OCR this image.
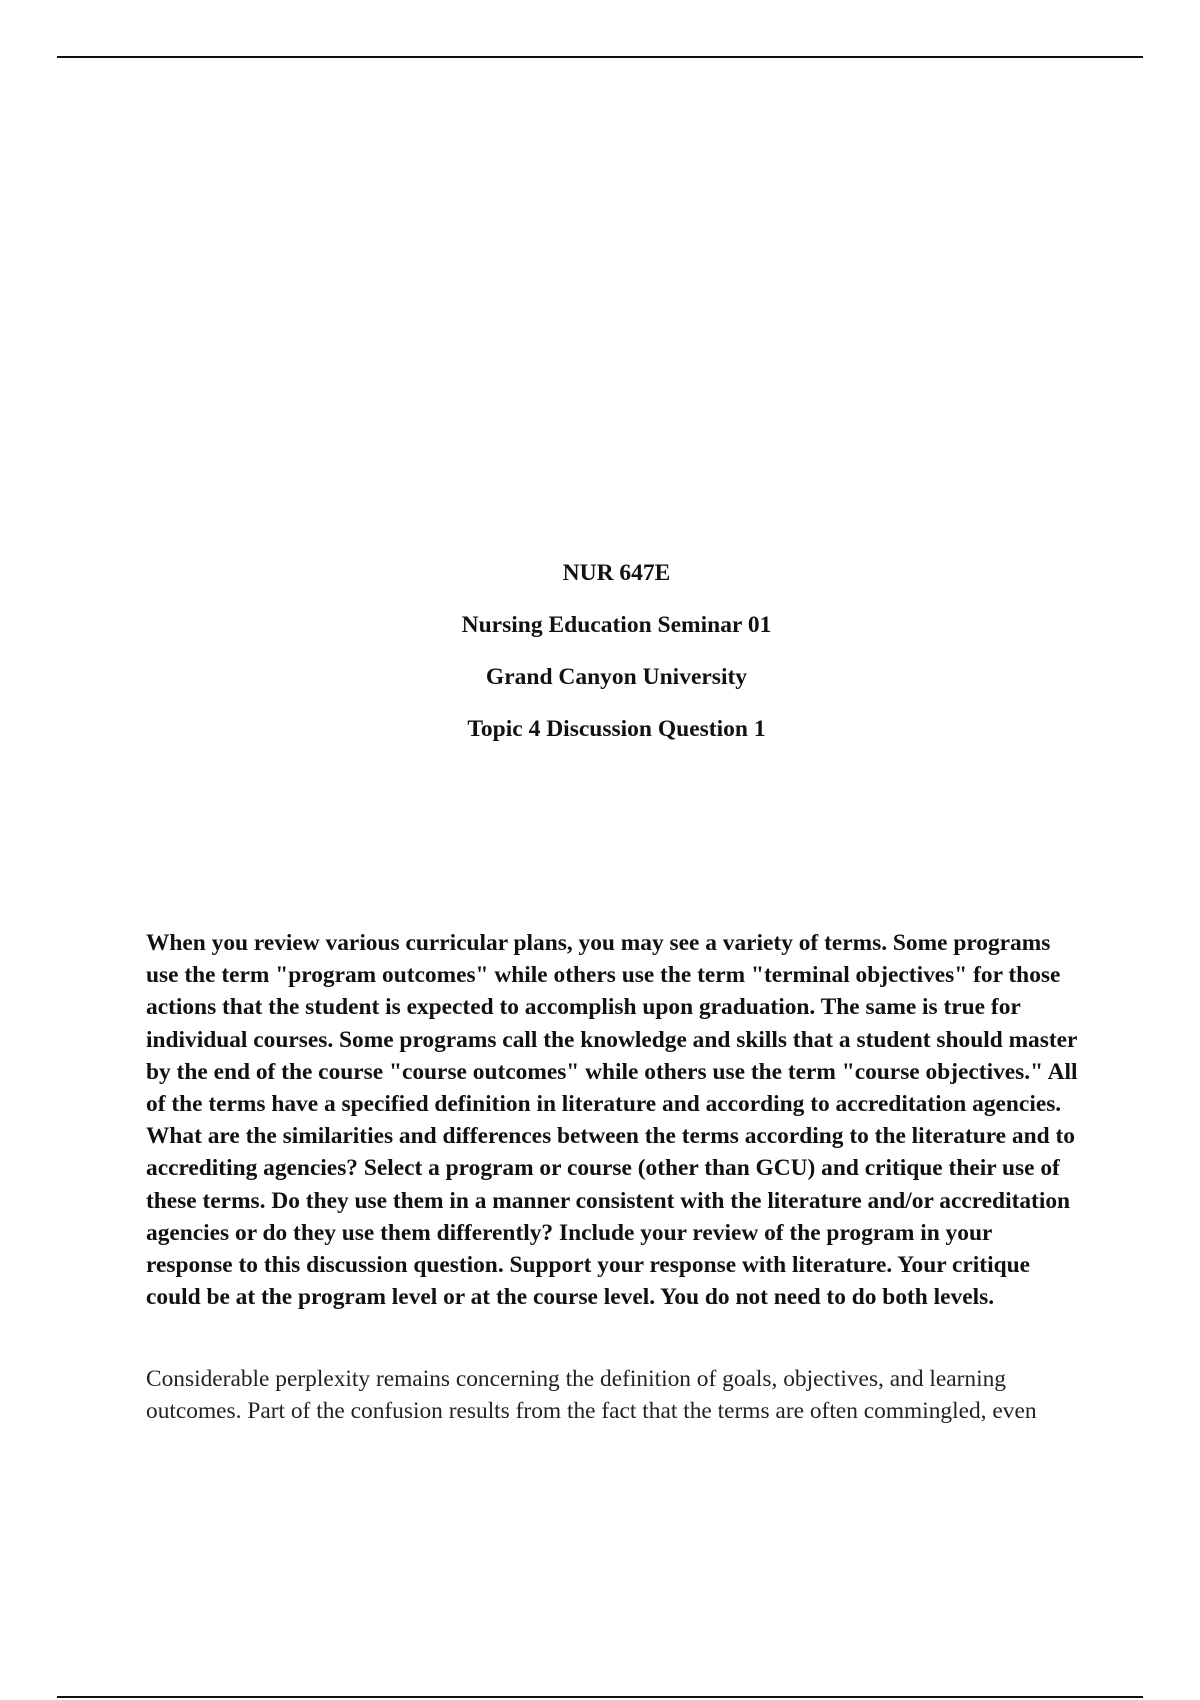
NUR 647E
Nursing Education Seminar 01
Grand Canyon University
Topic 4 Discussion Question 1

When you review various curricular plans, you may see a variety of terms. Some programs use the term "program outcomes" while others use the term "terminal objectives" for those actions that the student is expected to accomplish upon graduation. The same is true for individual courses. Some programs call the knowledge and skills that a student should master by the end of the course "course outcomes" while others use the term "course objectives." All of the terms have a specified definition in literature and according to accreditation agencies. What are the similarities and differences between the terms according to the literature and to accrediting agencies? Select a program or course (other than GCU) and critique their use of these terms. Do they use them in a manner consistent with the literature and/or accreditation agencies or do they use them differently? Include your review of the program in your response to this discussion question. Support your response with literature. Your critique could be at the program level or at the course level. You do not need to do both levels.

Considerable perplexity remains concerning the definition of goals, objectives, and learning outcomes. Part of the confusion results from the fact that the terms are often commingled, even
